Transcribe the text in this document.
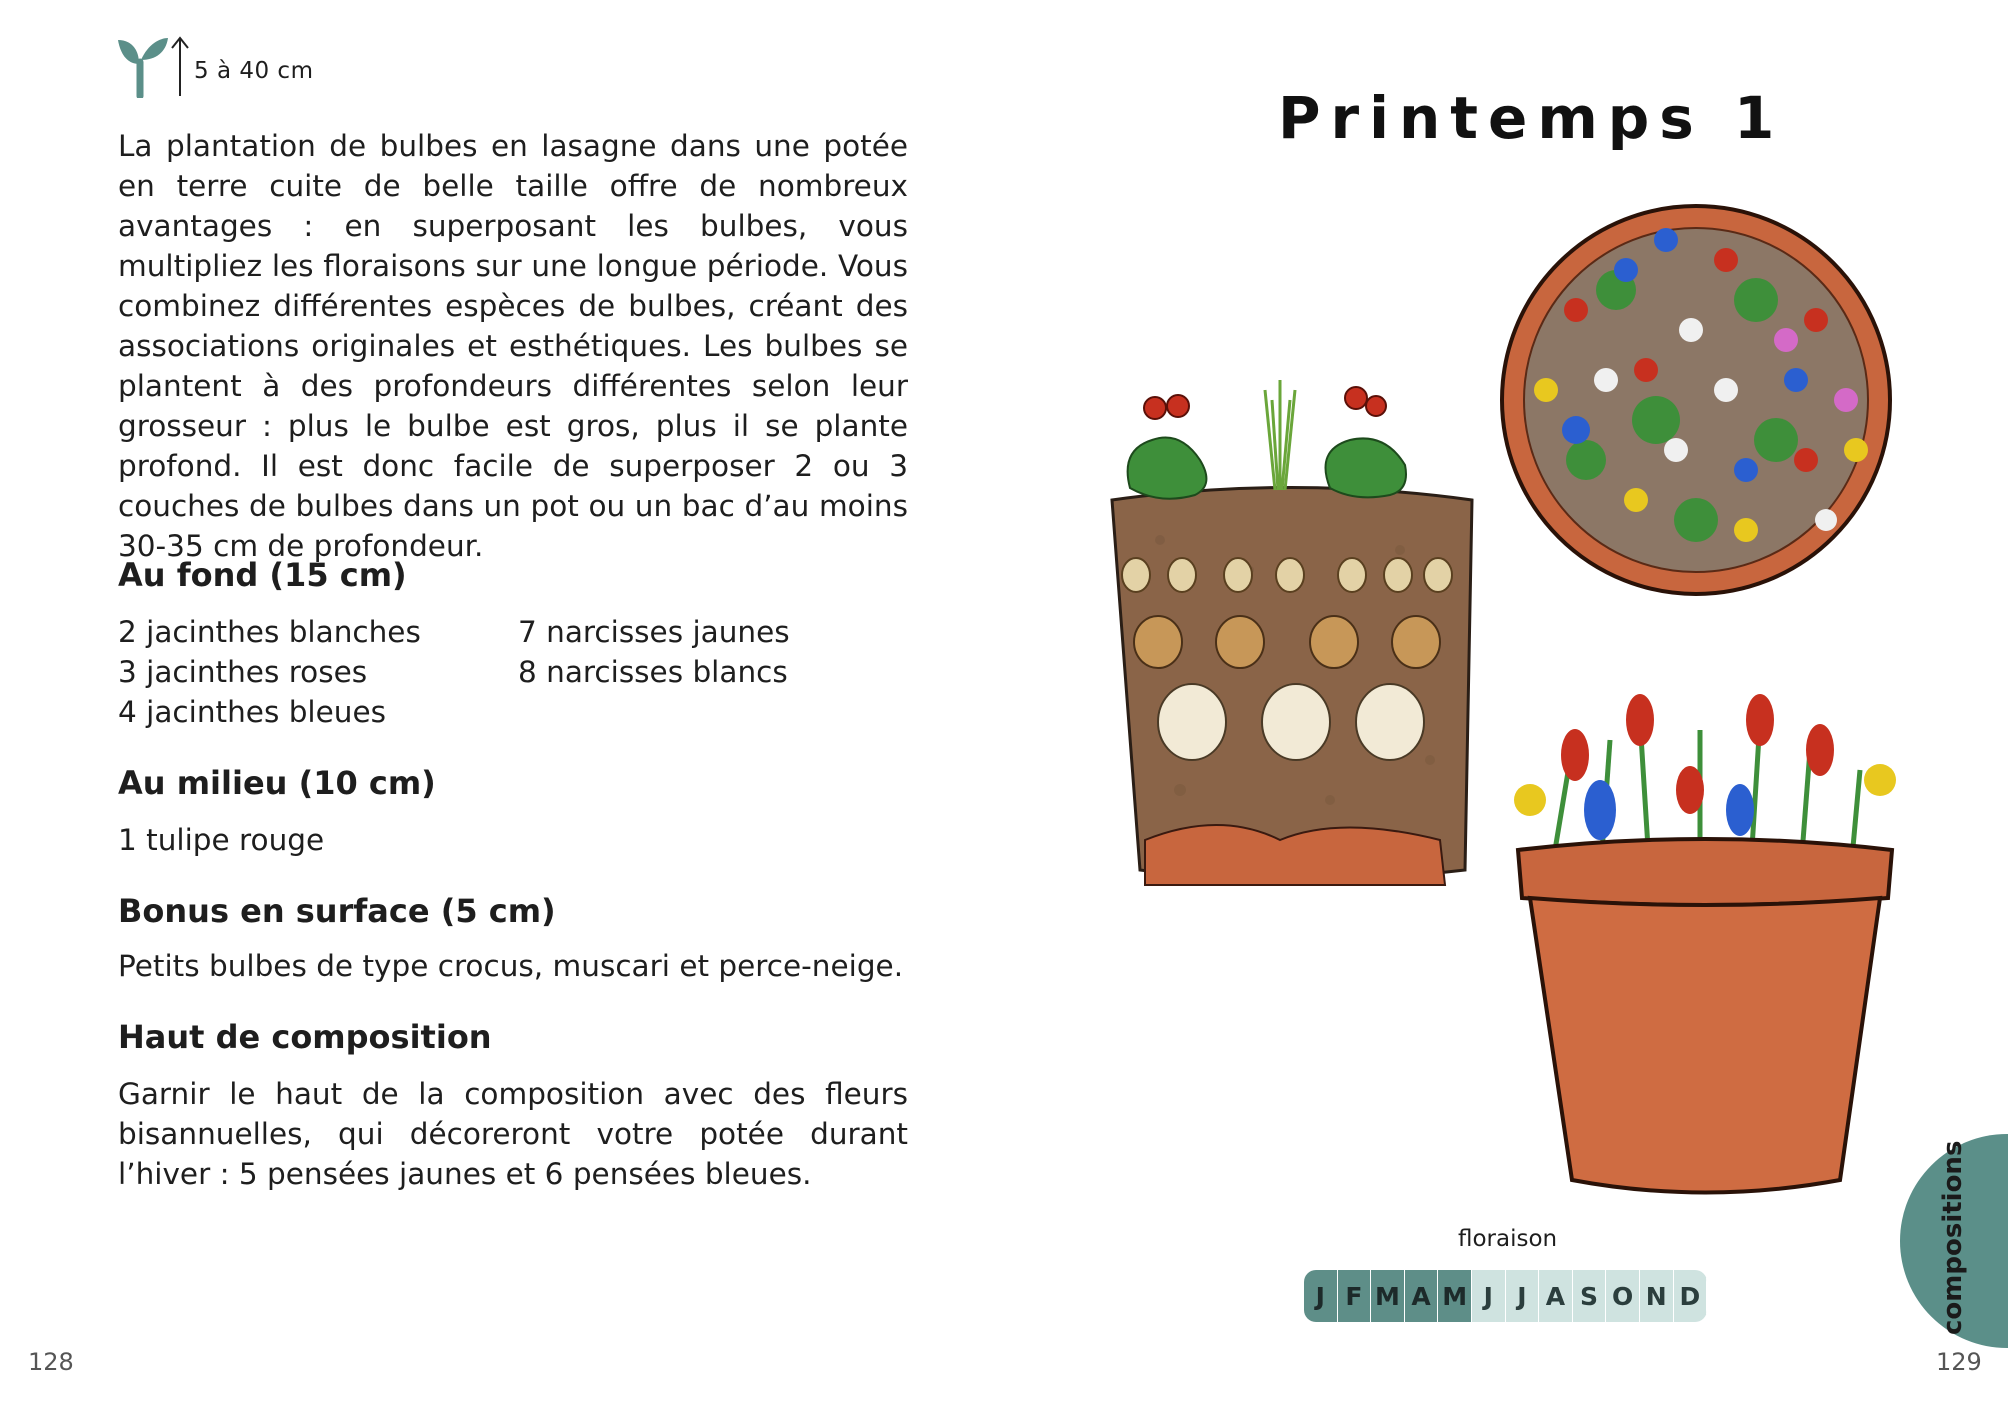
5 à 40 cm
La plantation de bulbes en lasagne dans une potée en terre cuite de belle taille offre de nombreux avantages : en superposant les bulbes, vous multipliez les floraisons sur une longue période. Vous combinez différentes espèces de bulbes, créant des associations originales et esthétiques. Les bulbes se plantent à des profondeurs différentes selon leur grosseur : plus le bulbe est gros, plus il se plante profond. Il est donc facile de superposer 2 ou 3 couches de bulbes dans un pot ou un bac d’au moins 30-35 cm de profondeur.
Au fond (15 cm)
2 jacinthes blanches
3 jacinthes roses
4 jacinthes bleues
7 narcisses jaunes
8 narcisses blancs
Au milieu (10 cm)
1 tulipe rouge
Bonus en surface (5 cm)
Petits bulbes de type crocus, muscari et perce-neige.
Haut de composition
Garnir le haut de la composition avec des fleurs bisannuelles, qui décoreront votre potée durant l’hiver : 5 pensées jaunes et 6 pensées bleues.
128
Printemps 1
floraison
J F M A M J J A S O N D	compositions
129
